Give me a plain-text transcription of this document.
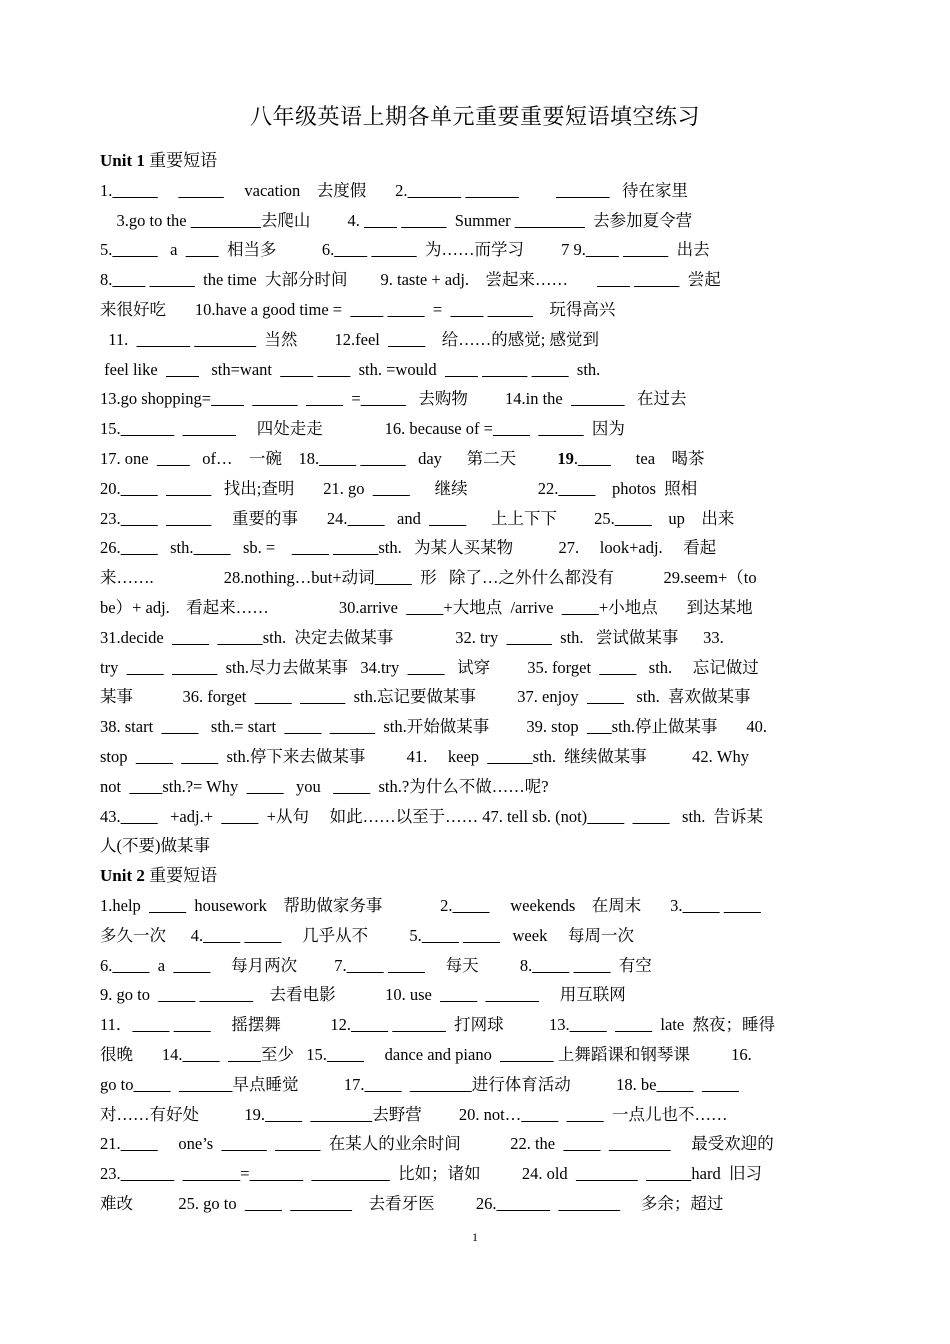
八年级英语上期各单元重要重要短语填空练习
Unit 1 重要短语
1.	vacation    去度假       2.	待在家里
3.go to the	去爬山         4.	Summer	去参加夏令营
5.	a            相当多           6.	为……而学习         7 9.	出去
8.	the time  大部分时间        9. taste + adj.    尝起来……	尝起
来很好吃       10.have a good time =	=	玩得高兴
11.	当然         12.feel               给……的感觉; 感觉到
feel like             sth=want	sth. =would	sth.
13.go shopping=	=	去购物         14.in the	在过去
15.	四处走走               16. because of =	因为
17. one             of…    一碗    18.	day      第二天          19.              tea    喝茶
20.	找出;查明       21. go                 继续                 22.             photos  照相
23.	重要的事       24.            and                 上上下下         25.             up    出来
26.            sth.            sb. =	sth.   为某人买某物           27.     look+adj.     看起
来…….                 28.nothing…but+动词           形   除了…之外什么都没有            29.seem+（to
be）+ adj.    看起来……                 30.arrive           +大地点  /arrive           +小地点       到达某地
31.decide	sth.  决定去做某事               32. try	sth.   尝试做某事      33.
try	sth.尽力去做某事   34.try              试穿         35. forget              sth.     忘记做过
某事            36. forget	sth.忘记要做某事          37. enjoy              sth.  喜欢做某事
38. start              sth.= start	sth.开始做某事         39. stop        sth.停止做某事       40.
stop	sth.停下来去做某事          41.     keep	sth.  继续做某事           42. Why
not          sth.?= Why              you              sth.?为什么不做……呢?
43.            +adj.+             +从句     如此……以至于…… 47. tell sb. (not)	sth.  告诉某
人(不要)做某事
Unit 2 重要短语
1.help             housework    帮助做家务事              2.              weekends    在周末       3.
多久一次      4.	几乎从不          5.	week     每周一次
6.           a                每月两次         7.	每天          8.	有空
9. go to	去看电影            10. use	用互联网
11．	摇摆舞            12.	打网球           13.	late  熬夜；睡得
很晚       14.	至少   15.              dance and piano	上舞蹈课和钢琴课          16.
go to	早点睡觉           17.	进行体育活动           18. be
对……有好处           19.	去野营         20. not…	一点儿也不……
21.              one’s	在某人的业余时间            22. the	最受欢迎的
23.	=	比如；诸如          24. old	hard  旧习
难改           25. go to	去看牙医          26.	多余；超过
1
